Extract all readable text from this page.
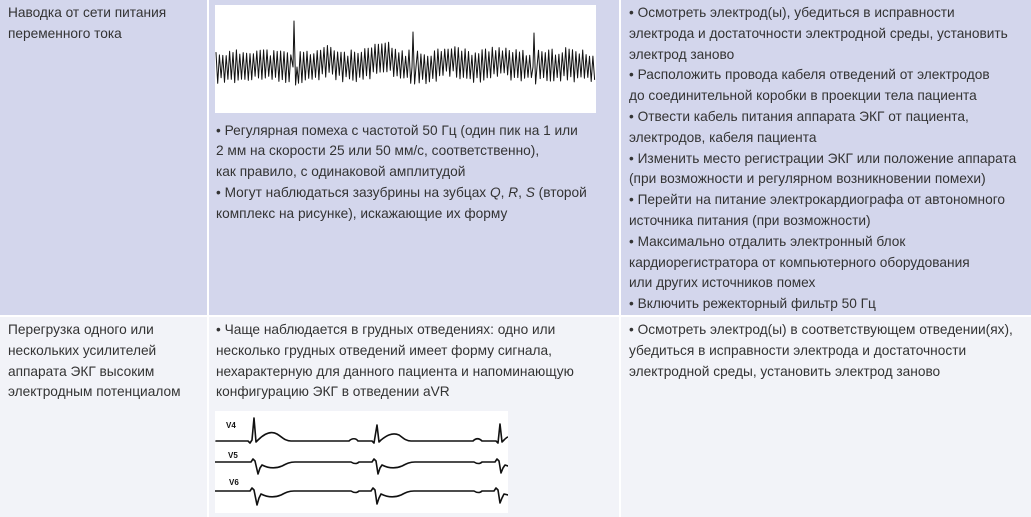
Наводка от сети питания
переменного тока
• Регулярная помеха с частотой 50 Гц (один пик на 1 или
2 мм на скорости 25 или 50 мм/с, соответственно),
как правило, с одинаковой амплитудой
• Могут наблюдаться зазубрины на зубцах Q, R, S (второй
комплекс на рисунке), искажающие их форму
• Осмотреть электрод(ы), убедиться в исправности
электрода и достаточности электродной среды, установить
электрод заново
• Расположить провода кабеля отведений от электродов
до соединительной коробки в проекции тела пациента
• Отвести кабель питания аппарата ЭКГ от пациента,
электродов, кабеля пациента
• Изменить место регистрации ЭКГ или положение аппарата
(при возможности и регулярном возникновении помехи)
• Перейти на питание электрокардиографа от автономного
источника питания (при возможности)
• Максимально отдалить электронный блок
кардиорегистратора от компьютерного оборудования
или других источников помех
• Включить режекторный фильтр 50 Гц
Перегрузка одного или
нескольких усилителей
аппарата ЭКГ высоким
электродным потенциалом
• Чаще наблюдается в грудных отведениях: одно или
несколько грудных отведений имеет форму сигнала,
нехарактерную для данного пациента и напоминающую
конфигурацию ЭКГ в отведении aVR
V4
V5
V6
• Осмотреть электрод(ы) в соответствующем отведении(ях),
убедиться в исправности электрода и достаточности
электродной среды, установить электрод заново
